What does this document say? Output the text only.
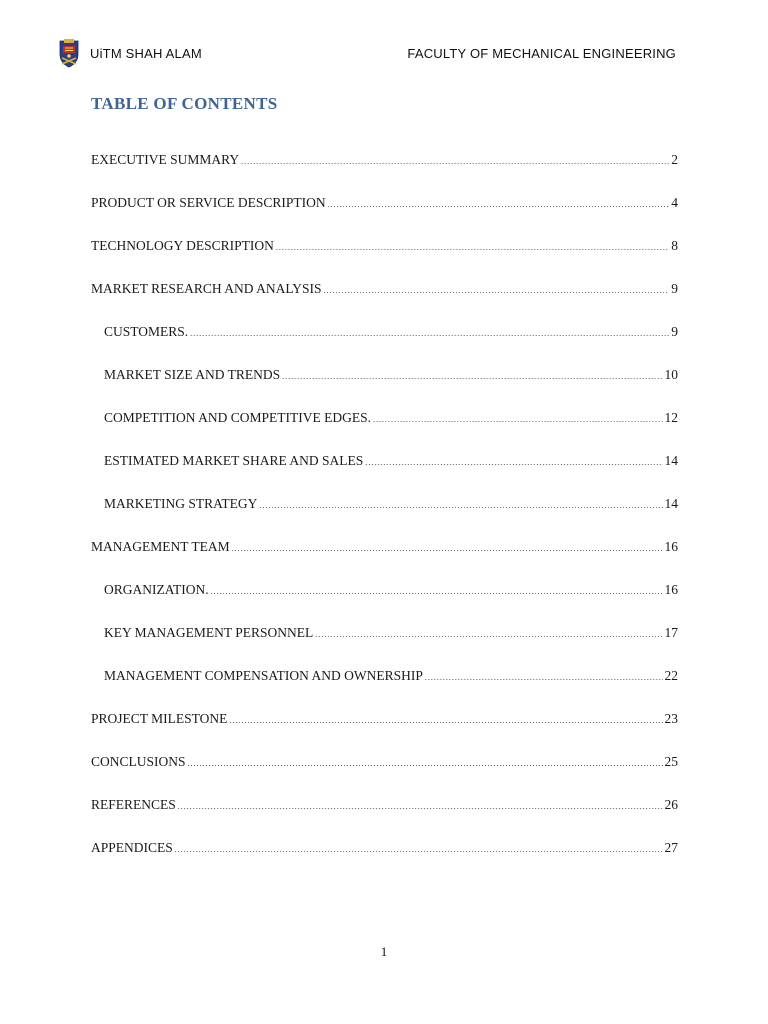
UiTM SHAH ALAM	FACULTY OF MECHANICAL ENGINEERING
TABLE OF CONTENTS
EXECUTIVE SUMMARY .....	2
PRODUCT OR SERVICE DESCRIPTION .....	4
TECHNOLOGY DESCRIPTION .....	8
MARKET RESEARCH AND ANALYSIS .....	9
CUSTOMERS. .....	9
MARKET SIZE AND TRENDS .....	10
COMPETITION AND COMPETITIVE EDGES. .....	12
ESTIMATED MARKET SHARE AND SALES .....	14
MARKETING STRATEGY .....	14
MANAGEMENT TEAM .....	16
ORGANIZATION. .....	16
KEY MANAGEMENT PERSONNEL .....	17
MANAGEMENT COMPENSATION AND OWNERSHIP .....	22
PROJECT MILESTONE .....	23
CONCLUSIONS .....	25
REFERENCES .....	26
APPENDICES .....	27
1
